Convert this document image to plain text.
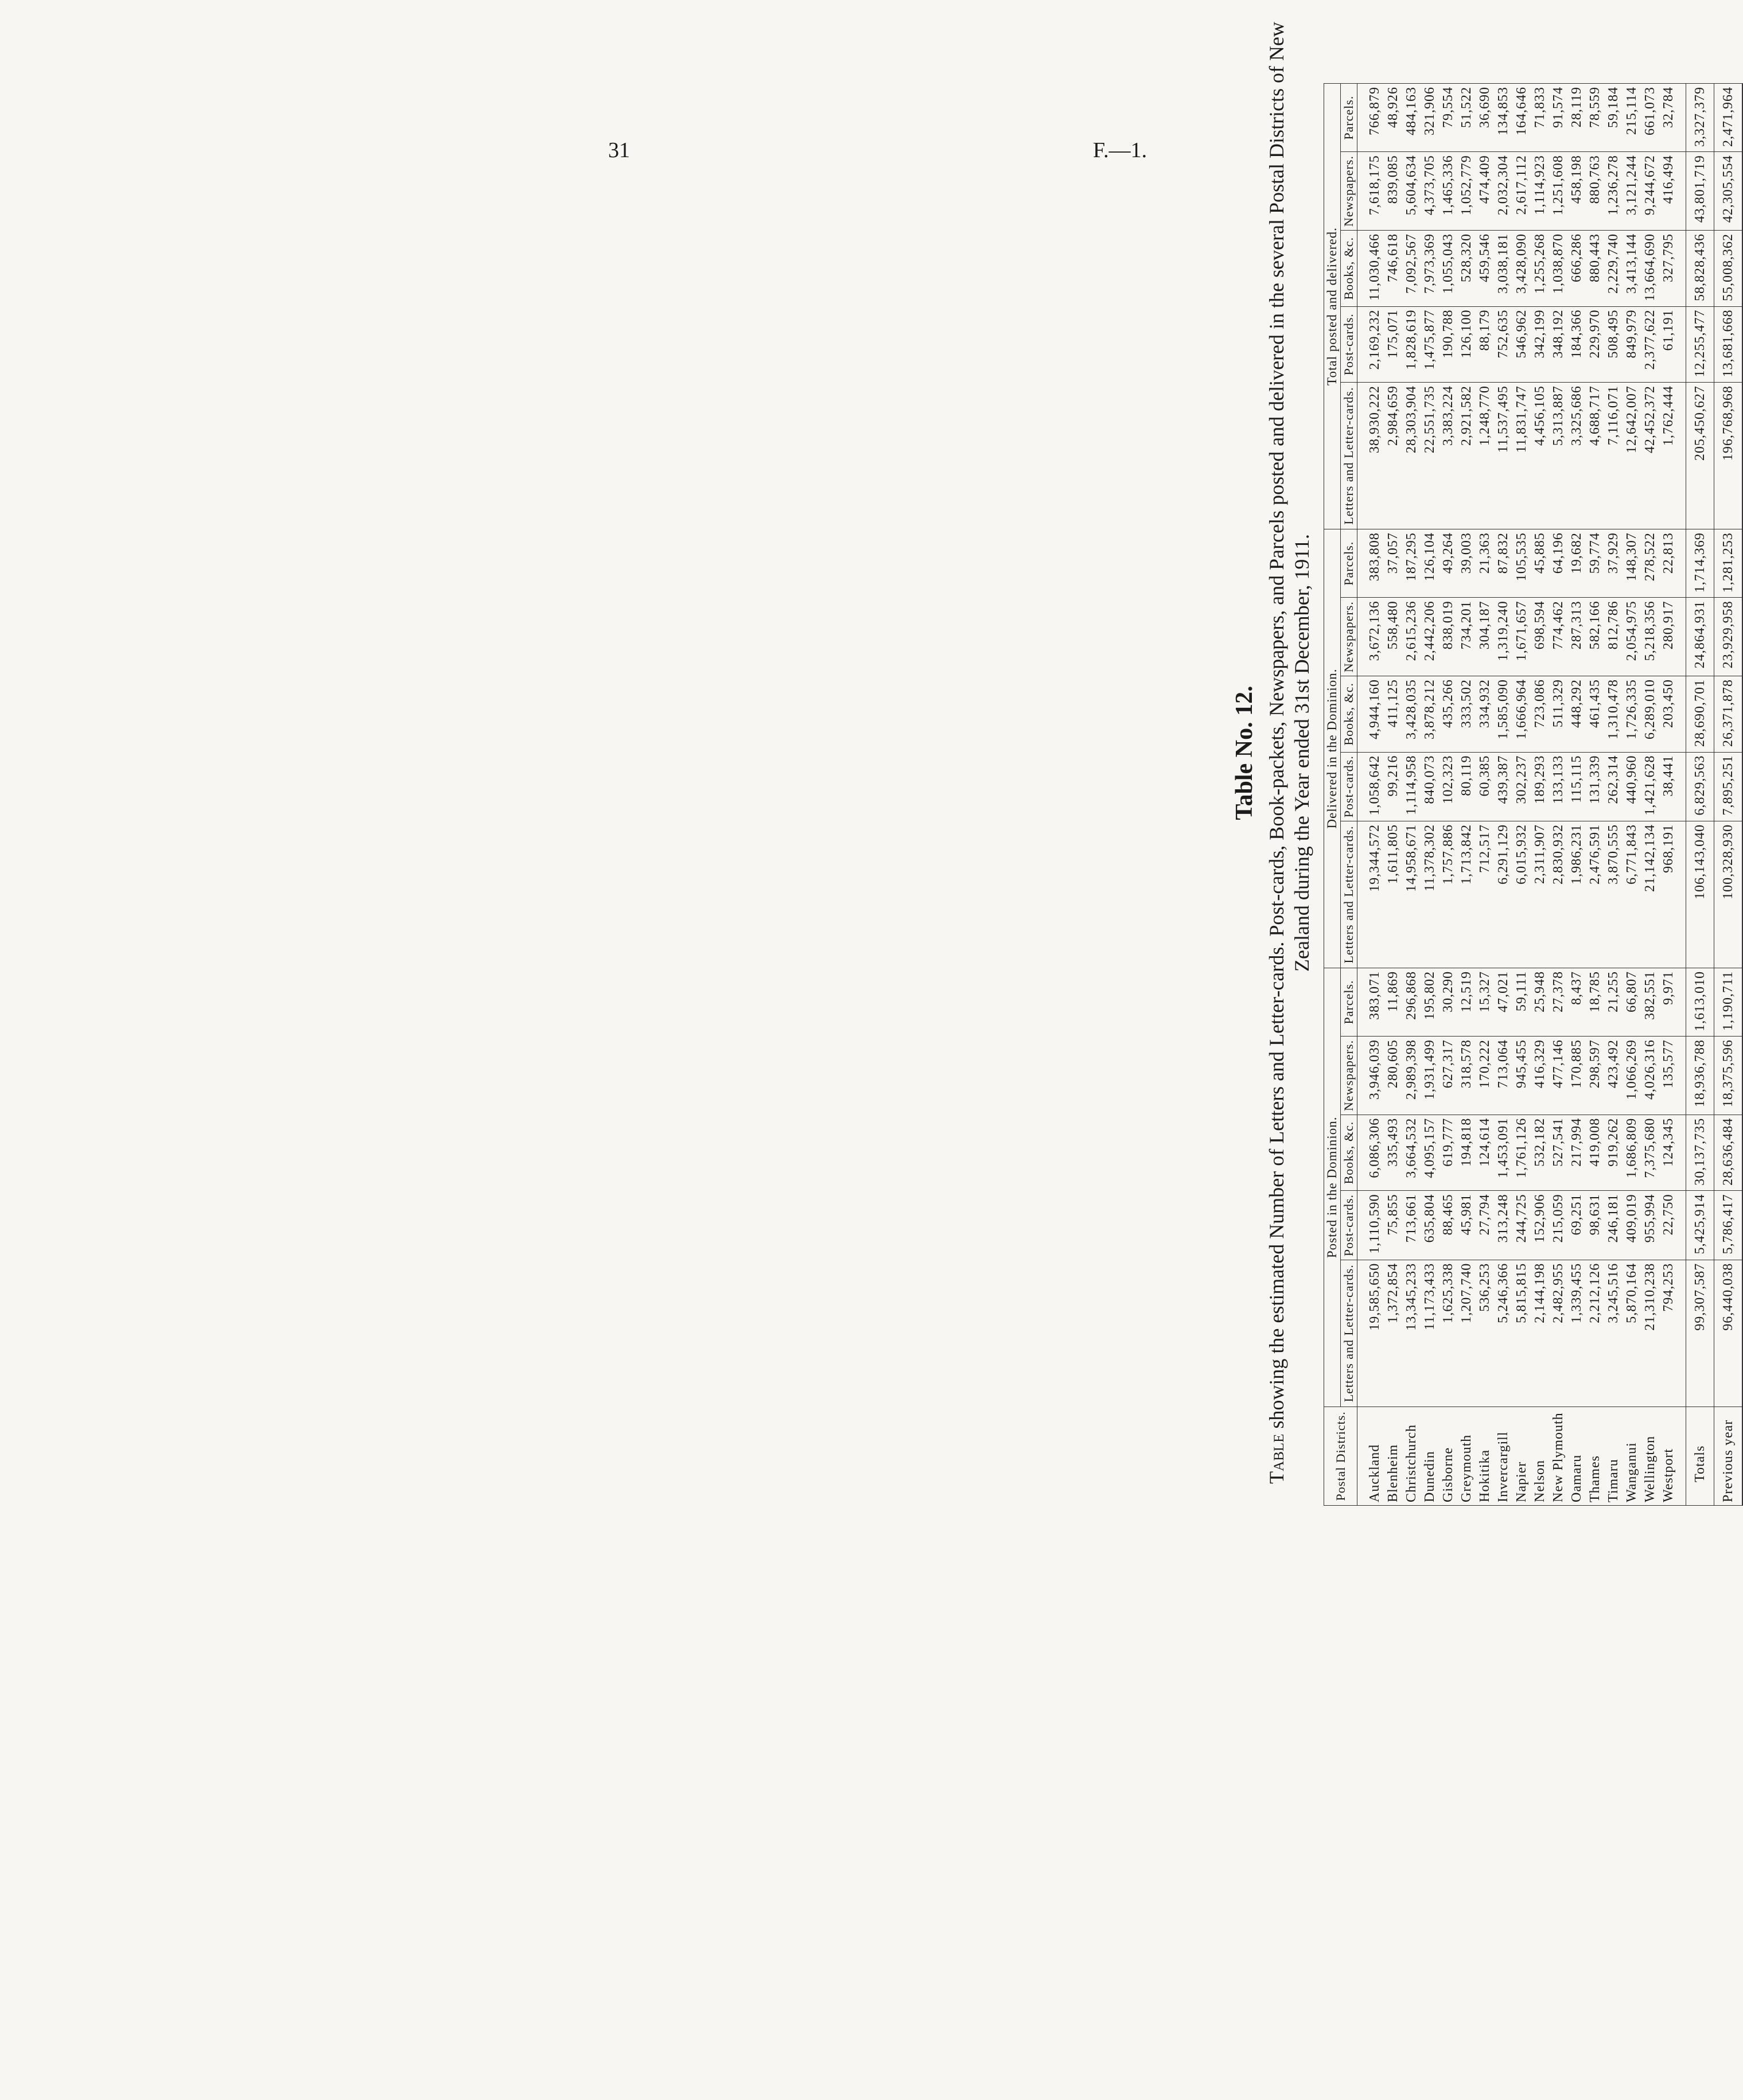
31	F.—1.
Table No. 12.
Table showing the estimated Number of Letters and Letter-cards. Post-cards, Book-packets, Newspapers, and Parcels posted and delivered in the several Postal Districts of New Zealand during the Year ended 31st December, 1911.
Postal Districts.	Posted in the Dominion.					Delivered in the Dominion.					Total posted and delivered.				
	Letters and Letter-cards.	Post-cards.	Books, &c.	Newspapers.	Parcels.	Letters and Letter-cards.	Post-cards.	Books, &c.	Newspapers.	Parcels.	Letters and Letter-cards.	Post-cards.	Books, &c.	Newspapers.	Parcels.
Auckland	19,585,650	1,110,590	6,086,306	3,946,039	383,071	19,344,572	1,058,642	4,944,160	3,672,136	383,808	38,930,222	2,169,232	11,030,466	7,618,175	766,879
Blenheim	1,372,854	75,855	335,493	280,605	11,869	1,611,805	99,216	411,125	558,480	37,057	2,984,659	175,071	746,618	839,085	48,926
Christchurch	13,345,233	713,661	3,664,532	2,989,398	296,868	14,958,671	1,114,958	3,428,035	2,615,236	187,295	28,303,904	1,828,619	7,092,567	5,604,634	484,163
Dunedin	11,173,433	635,804	4,095,157	1,931,499	195,802	11,378,302	840,073	3,878,212	2,442,206	126,104	22,551,735	1,475,877	7,973,369	4,373,705	321,906
Gisborne	1,625,338	88,465	619,777	627,317	30,290	1,757,886	102,323	435,266	838,019	49,264	3,383,224	190,788	1,055,043	1,465,336	79,554
Greymouth	1,207,740	45,981	194,818	318,578	12,519	1,713,842	80,119	333,502	734,201	39,003	2,921,582	126,100	528,320	1,052,779	51,522
Hokitika	536,253	27,794	124,614	170,222	15,327	712,517	60,385	334,932	304,187	21,363	1,248,770	88,179	459,546	474,409	36,690
Invercargill	5,246,366	313,248	1,453,091	713,064	47,021	6,291,129	439,387	1,585,090	1,319,240	87,832	11,537,495	752,635	3,038,181	2,032,304	134,853
Napier	5,815,815	244,725	1,761,126	945,455	59,111	6,015,932	302,237	1,666,964	1,671,657	105,535	11,831,747	546,962	3,428,090	2,617,112	164,646
Nelson	2,144,198	152,906	532,182	416,329	25,948	2,311,907	189,293	723,086	698,594	45,885	4,456,105	342,199	1,255,268	1,114,923	71,833
New Plymouth	2,482,955	215,059	527,541	477,146	27,378	2,830,932	133,133	511,329	774,462	64,196	5,313,887	348,192	1,038,870	1,251,608	91,574
Oamaru	1,339,455	69,251	217,994	170,885	8,437	1,986,231	115,115	448,292	287,313	19,682	3,325,686	184,366	666,286	458,198	28,119
Thames	2,212,126	98,631	419,008	298,597	18,785	2,476,591	131,339	461,435	582,166	59,774	4,688,717	229,970	880,443	880,763	78,559
Timaru	3,245,516	246,181	919,262	423,492	21,255	3,870,555	262,314	1,310,478	812,786	37,929	7,116,071	508,495	2,229,740	1,236,278	59,184
Wanganui	5,870,164	409,019	1,686,809	1,066,269	66,807	6,771,843	440,960	1,726,335	2,054,975	148,307	12,642,007	849,979	3,413,144	3,121,244	215,114
Wellington	21,310,238	955,994	7,375,680	4,026,316	382,551	21,142,134	1,421,628	6,289,010	5,218,356	278,522	42,452,372	2,377,622	13,664,690	9,244,672	661,073
Westport	794,253	22,750	124,345	135,577	9,971	968,191	38,441	203,450	280,917	22,813	1,762,444	61,191	327,795	416,494	32,784
Totals	99,307,587	5,425,914	30,137,735	18,936,788	1,613,010	106,143,040	6,829,563	28,690,701	24,864,931	1,714,369	205,450,627	12,255,477	58,828,436	43,801,719	3,327,379
Previous year	96,440,038	5,786,417	28,636,484	18,375,596	1,190,711	100,328,930	7,895,251	26,371,878	23,929,958	1,281,253	196,768,968	13,681,668	55,008,362	42,305,554	2,471,964
